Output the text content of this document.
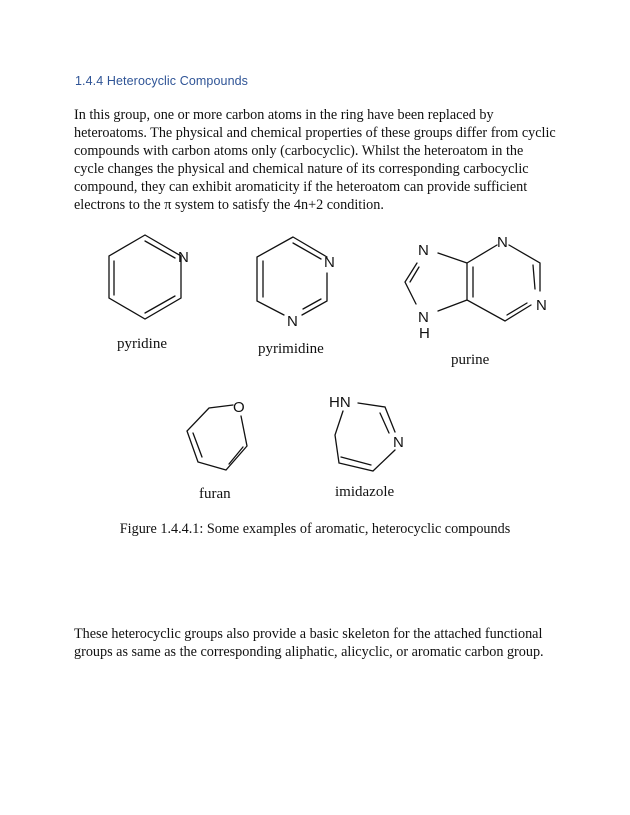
1.4.4 Heterocyclic Compounds
In this group, one or more carbon atoms in the ring have been replaced by heteroatoms. The physical and chemical properties of these groups differ from cyclic compounds with carbon atoms only (carbocyclic). Whilst the heteroatom in the cycle changes the physical and chemical nature of its corresponding carbocyclic compound, they can exhibit aromaticity if the heteroatom can provide sufficient electrons to the π system to satisfy the 4n+2 condition.
N	N
N
N
N
N
N
H
O	HN
N
pyridine	pyrimidine
purine
furan	imidazole
Figure 1.4.4.1: Some examples of aromatic, heterocyclic compounds
These heterocyclic groups also provide a basic skeleton for the attached functional groups as same as the corresponding aliphatic, alicyclic, or aromatic carbon group.
